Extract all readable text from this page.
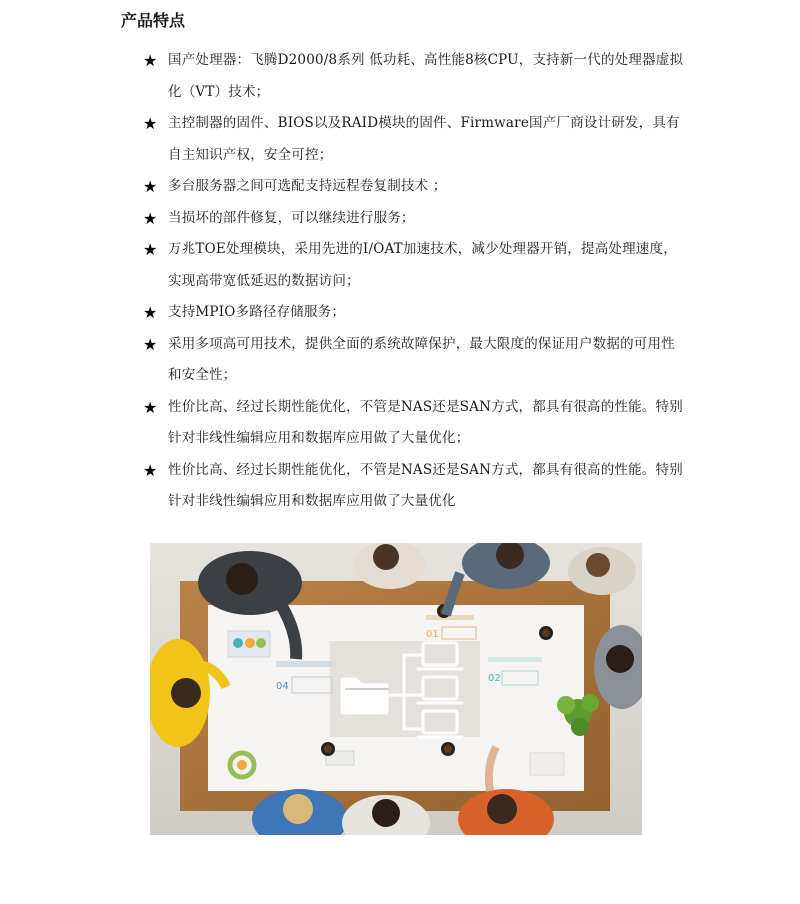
产品特点
★ 国产处理器：飞腾D2000/8系列 低功耗、高性能8核CPU，支持新一代的处理器虚拟化（VT）技术；
★ 主控制器的固件、BIOS以及RAID模块的固件、Firmware国产厂商设计研发，具有自主知识产权，安全可控；
★ 多台服务器之间可选配支持远程卷复制技术 ；
★ 当损坏的部件修复，可以继续进行服务；
★ 万兆TOE处理模块，采用先进的I/OAT加速技术，减少处理器开销，提高处理速度，实现高带宽低延迟的数据访问；
★ 支持MPIO多路径存储服务；
★ 采用多项高可用技术，提供全面的系统故障保护，最大限度的保证用户数据的可用性和安全性；
★ 性价比高、经过长期性能优化，不管是NAS还是SAN方式，都具有很高的性能。特别针对非线性编辑应用和数据库应用做了大量优化；
★ 性价比高、经过长期性能优化，不管是NAS还是SAN方式，都具有很高的性能。特别针对非线性编辑应用和数据库应用做了大量优化
04
01
02
